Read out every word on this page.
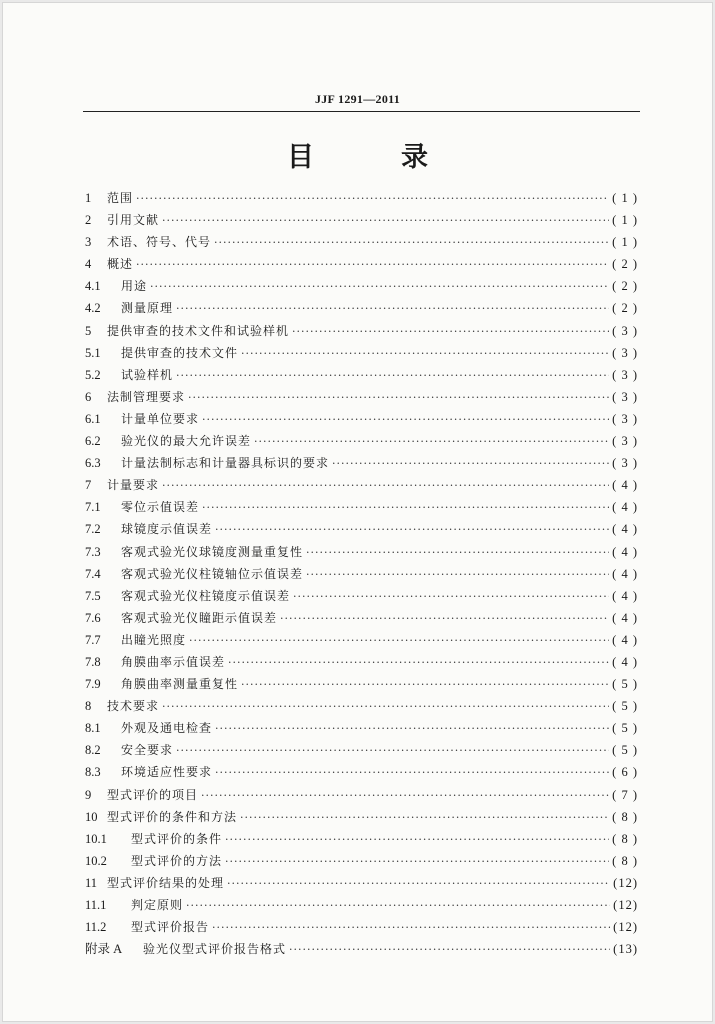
JJF 1291—2011
目　录
1	范围 ·····	( 1 )
2	引用文献 ·····	( 1 )
3	术语、符号、代号 ·····	( 1 )
4	概述 ·····	( 2 )
4.1	用途 ·····	( 2 )
4.2	测量原理 ·····	( 2 )
5	提供审查的技术文件和试验样机 ·····	( 3 )
5.1	提供审查的技术文件 ·····	( 3 )
5.2	试验样机 ·····	( 3 )
6	法制管理要求 ·····	( 3 )
6.1	计量单位要求 ·····	( 3 )
6.2	验光仪的最大允许误差 ·····	( 3 )
6.3	计量法制标志和计量器具标识的要求 ·····	( 3 )
7	计量要求 ·····	( 4 )
7.1	零位示值误差 ·····	( 4 )
7.2	球镜度示值误差 ·····	( 4 )
7.3	客观式验光仪球镜度测量重复性 ·····	( 4 )
7.4	客观式验光仪柱镜轴位示值误差 ·····	( 4 )
7.5	客观式验光仪柱镜度示值误差 ·····	( 4 )
7.6	客观式验光仪瞳距示值误差 ·····	( 4 )
7.7	出瞳光照度 ·····	( 4 )
7.8	角膜曲率示值误差 ·····	( 4 )
7.9	角膜曲率测量重复性 ·····	( 5 )
8	技术要求 ·····	( 5 )
8.1	外观及通电检查 ·····	( 5 )
8.2	安全要求 ·····	( 5 )
8.3	环境适应性要求 ·····	( 6 )
9	型式评价的项目 ·····	( 7 )
10 型式评价的条件和方法 ·····	( 8 )
10.1	型式评价的条件 ·····	( 8 )
10.2	型式评价的方法 ·····	( 8 )
11 型式评价结果的处理 ·····	(12)
11.1	判定原则 ·····	(12)
11.2	型式评价报告 ·····	(12)
附录 A	验光仪型式评价报告格式 ·····	(13)
